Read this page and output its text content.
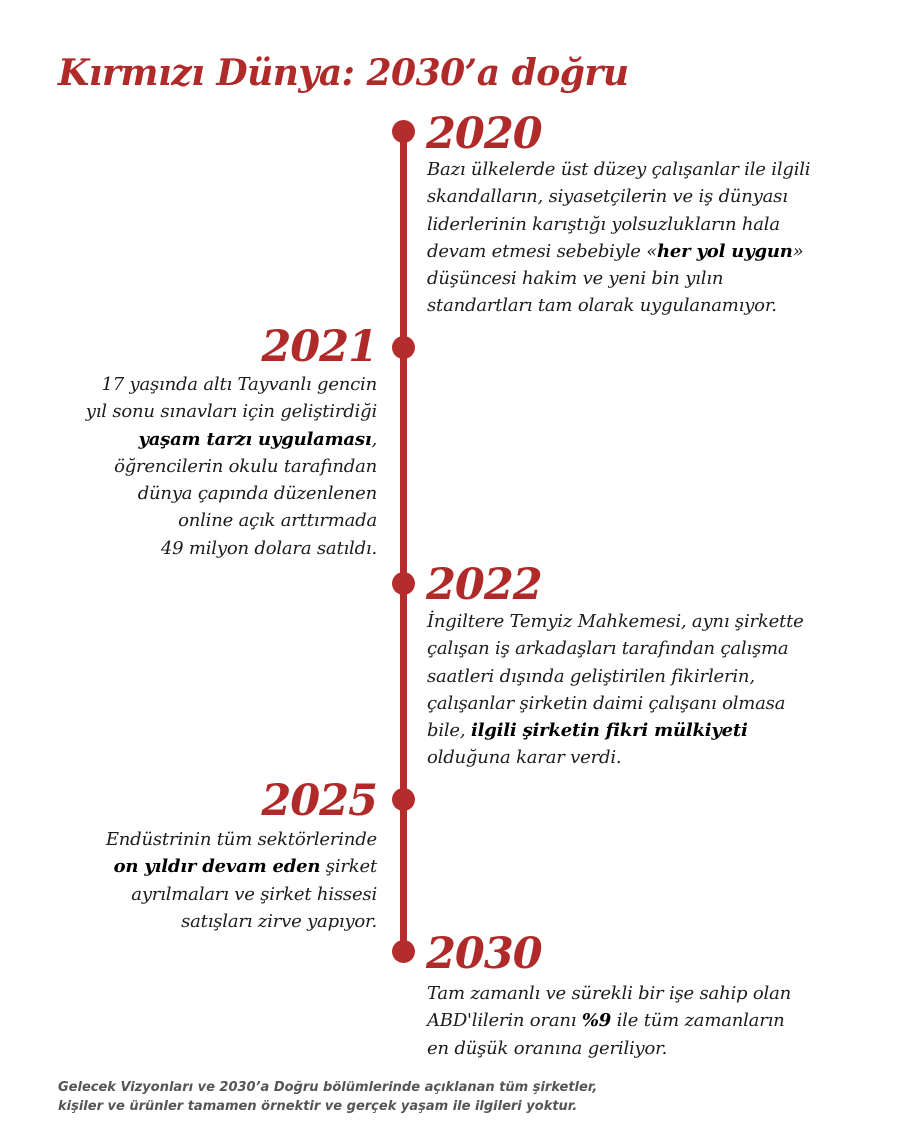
Kırmızı Dünya: 2030’a doğru
2020

Bazı ülkelerde üst düzey çalışanlar ile ilgili
skandalların, siyasetçilerin ve iş dünyası
liderlerinin karıştığı yolsuzlukların hala
devam etmesi sebebiyle «her yol uygun»
düşüncesi hakim ve yeni bin yılın
standartları tam olarak uygulanamıyor.

2021

17 yaşında altı Tayvanlı gencin
yıl sonu sınavları için geliştirdiği
yaşam tarzı uygulaması,
öğrencilerin okulu tarafından
dünya çapında düzenlenen
online açık arttırmada
49 milyon dolara satıldı.

2022

İngiltere Temyiz Mahkemesi, aynı şirkette
çalışan iş arkadaşları tarafından çalışma
saatleri dışında geliştirilen fikirlerin,
çalışanlar şirketin daimi çalışanı olmasa
bile, ilgili şirketin fikri mülkiyeti
olduğuna karar verdi.

2025

Endüstrinin tüm sektörlerinde
on yıldır devam eden şirket
ayrılmaları ve şirket hissesi
satışları zirve yapıyor.

2030

Tam zamanlı ve sürekli bir işe sahip olan
ABD'lilerin oranı %9 ile tüm zamanların
en düşük oranına geriliyor.

Gelecek Vizyonları ve 2030’a Doğru bölümlerinde açıklanan tüm şirketler,
kişiler ve ürünler tamamen örnektir ve gerçek yaşam ile ilgileri yoktur.
